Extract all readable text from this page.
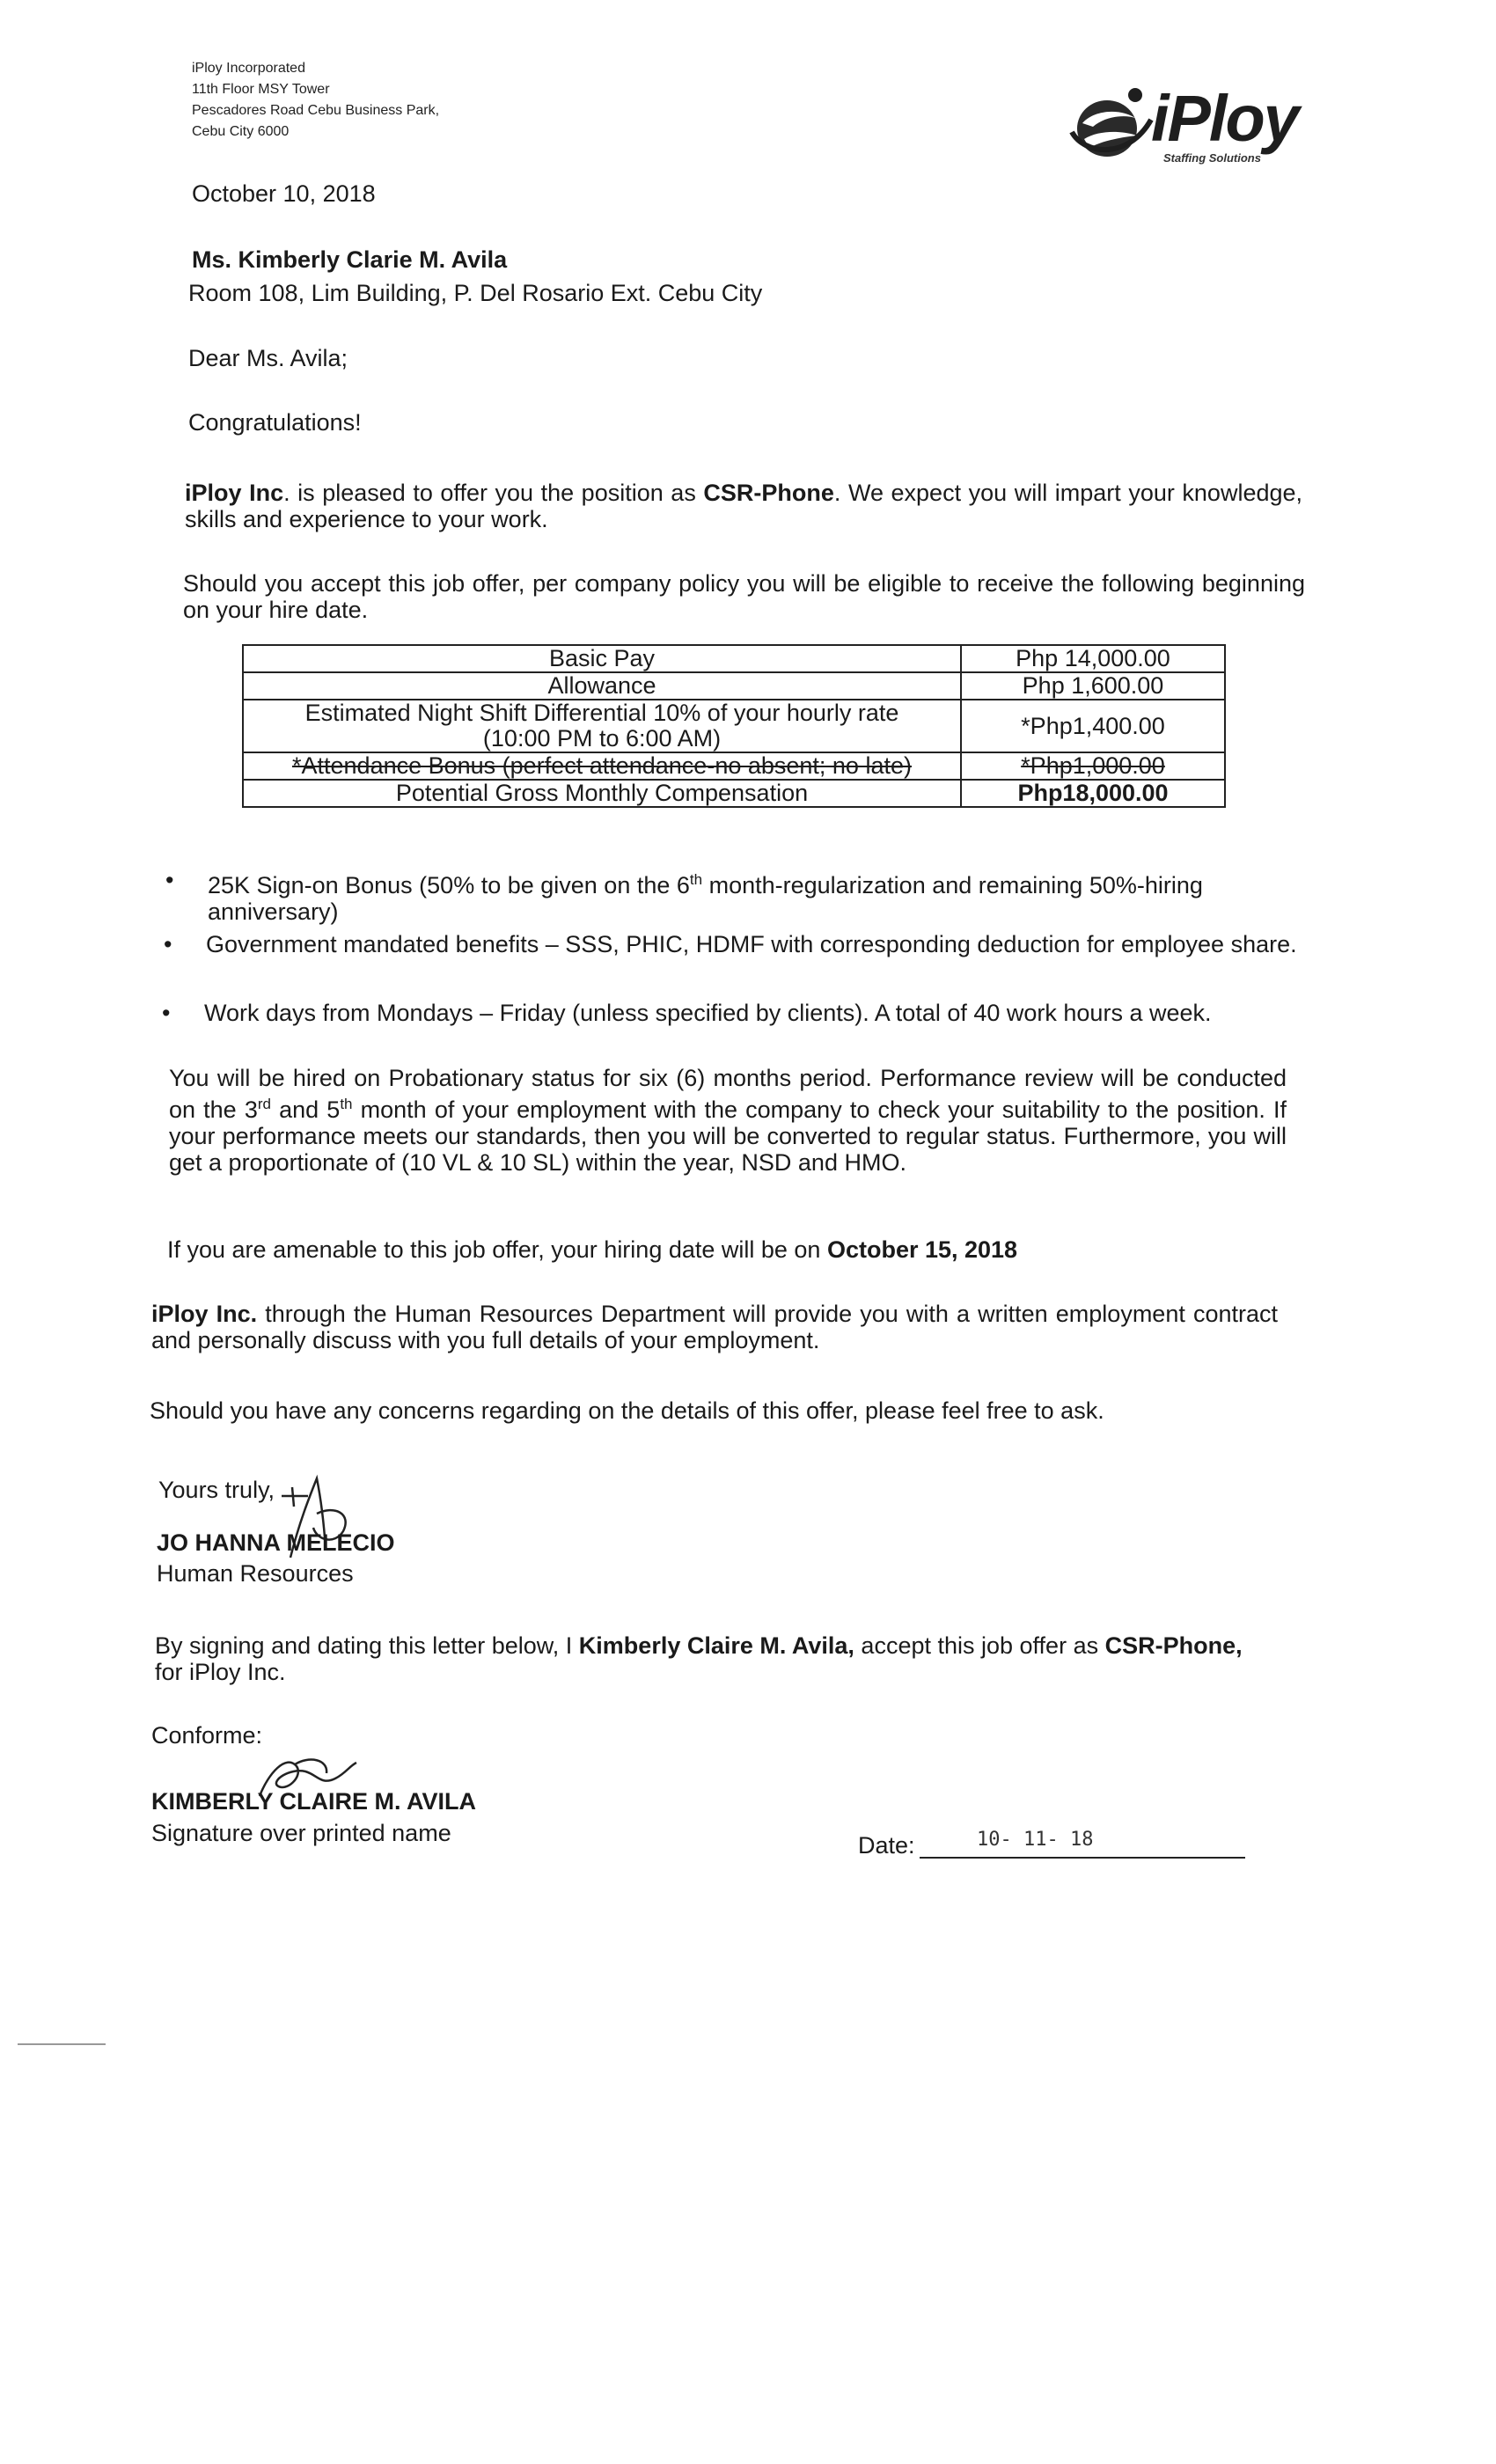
iPloy Incorporated
11th Floor MSY Tower
Pescadores Road Cebu Business Park,
Cebu City 6000	iPloy
Staffing Solutions
October 10, 2018
Ms. Kimberly Clarie M. Avila
Room 108, Lim Building, P. Del Rosario Ext. Cebu City
Dear Ms. Avila;
Congratulations!
iPloy Inc. is pleased to offer you the position as CSR-Phone. We expect you will impart your knowledge, skills and experience to your work.
Should you accept this job offer, per company policy you will be eligible to receive the following beginning on your hire date.
Basic Pay	Php 14,000.00
Allowance	Php 1,600.00

Estimated Night Shift Differential 10% of your hourly rate
(10:00 PM to 6:00 AM)	*Php1,400.00
*Attendance Bonus (perfect attendance-no absent; no late)	*Php1,000.00
Potential Gross Monthly Compensation	Php18,000.00
• 25K Sign-on Bonus (50% to be given on the 6th month-regularization and remaining 50%-hiring anniversary)
• Government mandated benefits – SSS, PHIC, HDMF with corresponding deduction for employee share.
• Work days from Mondays – Friday (unless specified by clients). A total of 40 work hours a week.
You will be hired on Probationary status for six (6) months period. Performance review will be conducted on the 3rd and 5th month of your employment with the company to check your suitability to the position. If your performance meets our standards, then you will be converted to regular status. Furthermore, you will get a proportionate of (10 VL & 10 SL) within the year, NSD and HMO.
If you are amenable to this job offer, your hiring date will be on October 15, 2018
iPloy Inc. through the Human Resources Department will provide you with a written employment contract and personally discuss with you full details of your employment.
Should you have any concerns regarding on the details of this offer, please feel free to ask.
Yours truly,
JO HANNA MELECIO
Human Resources
By signing and dating this letter below, I Kimberly Claire M. Avila, accept this job offer as CSR-Phone, for iPloy Inc.
Conforme:
KIMBERLY CLAIRE M. AVILA
Signature over printed name	Date:	10- 11- 18
